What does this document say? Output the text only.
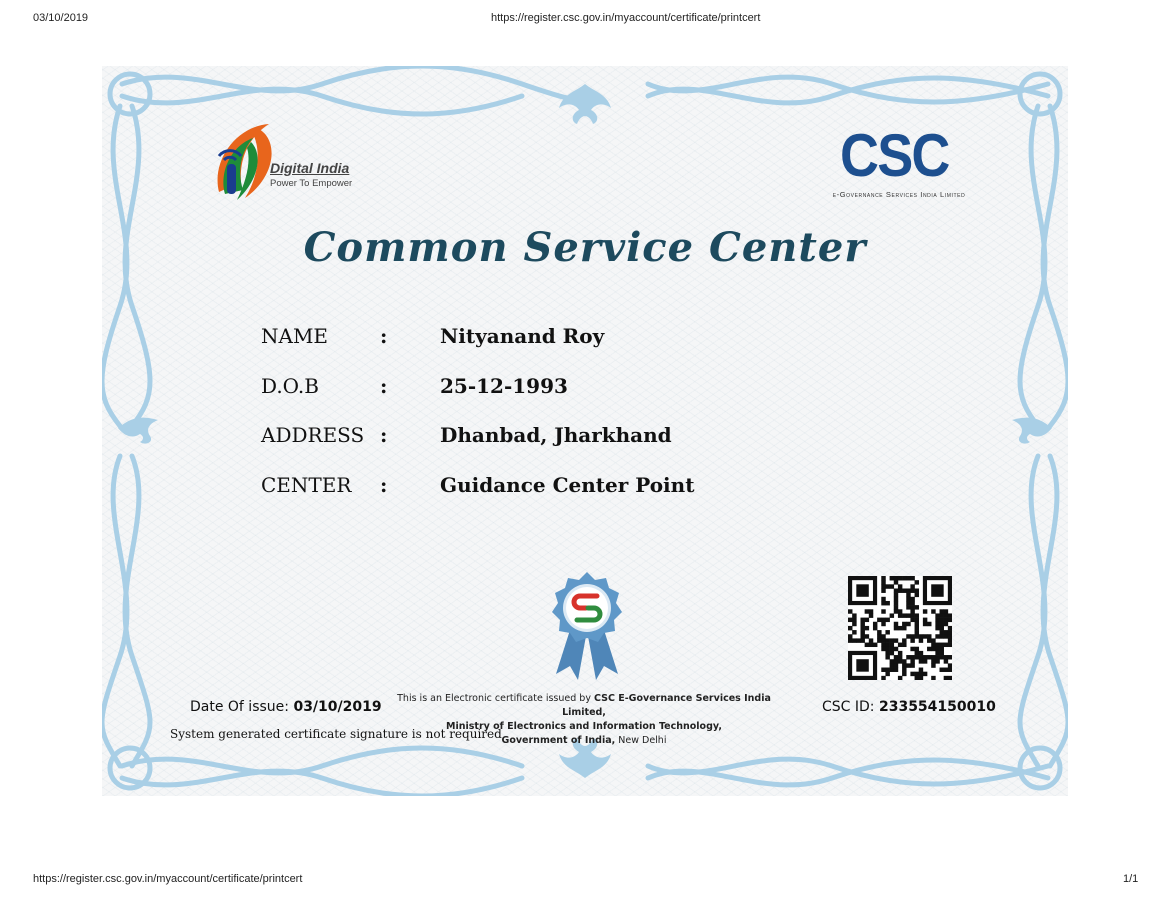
03/10/2019	https://register.csc.gov.in/myaccount/certificate/printcert
Digital India
Power To Empower	CSC
e-Governance Services India Limited
Common Service Center
NAME	:	Nityanand Roy
D.O.B	:	25-12-1993
ADDRESS :	Dhanbad, Jharkhand
CENTER :	Guidance Center Point
Date Of issue: 03/10/2019
System generated certificate signature is not required
This is an Electronic certificate issued by CSC E-Governance Services India Limited,
Ministry of Electronics and Information Technology,
Government of India, New Delhi
CSC ID: 233554150010
https://register.csc.gov.in/myaccount/certificate/printcert	1/1
